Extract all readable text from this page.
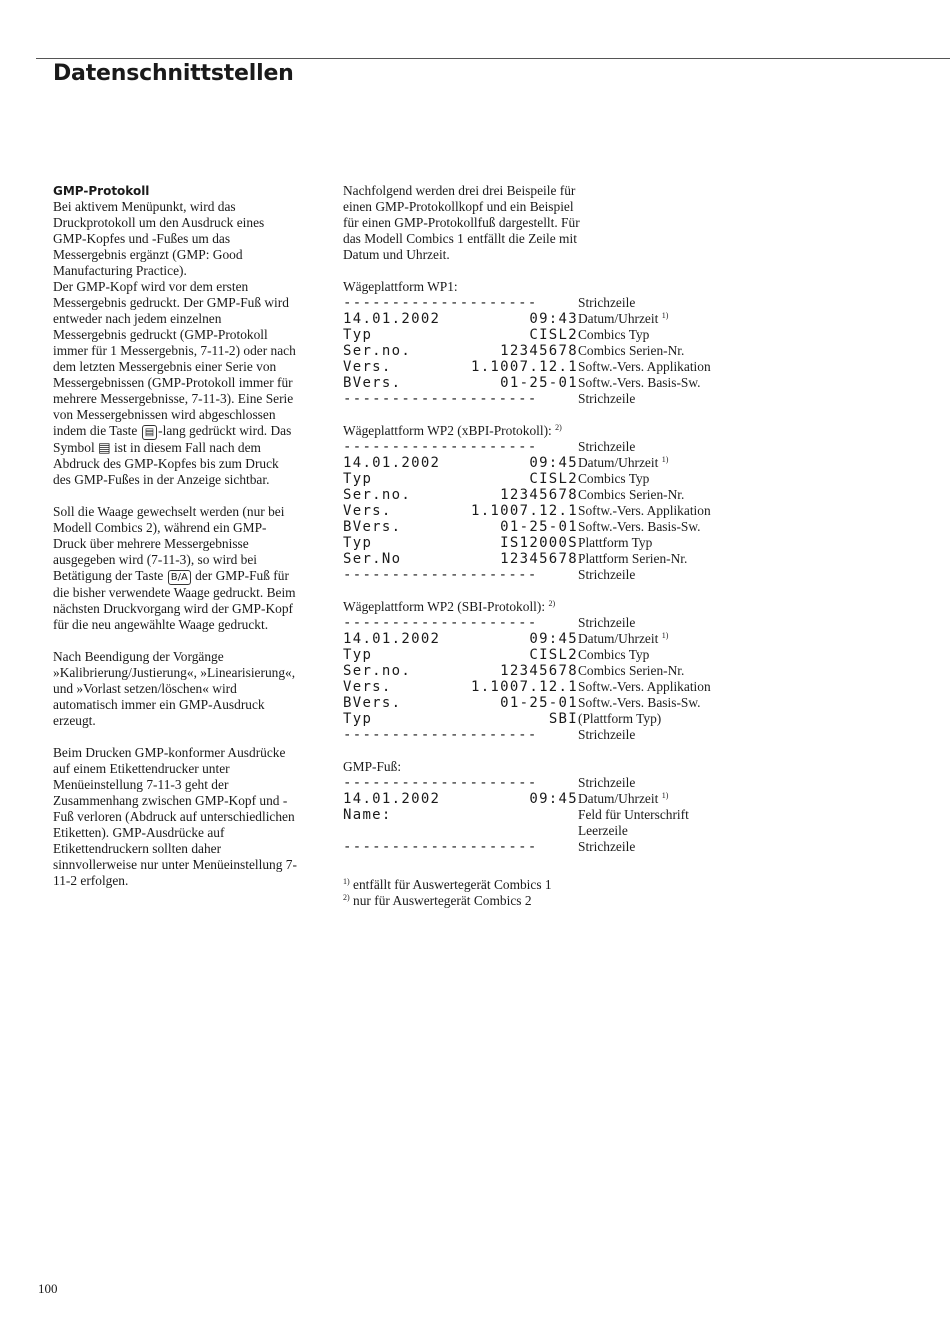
Datenschnittstellen

GMP-Protokoll
Bei aktivem Menüpunkt, wird das Druckprotokoll um den Ausdruck eines GMP-Kopfes und -Fußes um das Messergebnis ergänzt (GMP: Good Manufacturing Practice).
Der GMP-Kopf wird vor dem ersten Messergebnis gedruckt. Der GMP-Fuß wird entweder nach jedem einzelnen Messergebnis gedruckt (GMP-Protokoll immer für 1 Messergebnis, 7-11-2) oder nach dem letzten Messergebnis einer Serie von Messergebnissen (GMP-Protokoll immer für mehrere Messergebnisse, 7-11-3). Eine Serie von Messergebnissen wird abgeschlossen indem die Taste ▤ -lang gedrückt wird. Das Symbol ▤ ist in diesem Fall nach dem Abdruck des GMP-Kopfes bis zum Druck des GMP-Fußes in der Anzeige sichtbar.

Soll die Waage gewechselt werden (nur bei Modell Combics 2), während ein GMP-Druck über mehrere Messergebnisse ausgegeben wird (7-11-3), so wird bei Betätigung der Taste B/A der GMP-Fuß für die bisher verwendete Waage gedruckt. Beim nächsten Druckvorgang wird der GMP-Kopf für die neu angewählte Waage gedruckt.

Nach Beendigung der Vorgänge »Kalibrierung/Justierung«, »Linearisierung«, und »Vorlast setzen/löschen« wird automatisch immer ein GMP-Ausdruck erzeugt.

Beim Drucken GMP-konformer Ausdrücke auf einem Etikettendrucker unter Menüeinstellung 7-11-3 geht der Zusammenhang zwischen GMP-Kopf und -Fuß verloren (Abdruck auf unterschiedlichen Etiketten). GMP-Ausdrücke auf Etikettendruckern sollten daher sinnvollerweise nur unter Menüeinstellung 7-11-2 erfolgen.

Nachfolgend werden drei drei Beispeile für einen GMP-Protokollkopf und ein Beispiel für einen GMP-Protokollfuß dargestellt. Für das Modell Combics 1 entfällt die Zeile mit Datum und Uhrzeit.

Wägeplattform WP1:
--------------------	Strichzeile
14.01.2002	09:43 Datum/Uhrzeit $^{1)}$
Typ	CISL2 Combics Typ
Ser.no.	12345678 Combics Serien-Nr.
Vers.	1.1007.12.1 Softw.-Vers. Applikation
BVers.	01-25-01 Softw.-Vers. Basis-Sw.
--------------------	Strichzeile
Wägeplattform WP2 (xBPI-Protokoll): $^{2)}$
--------------------	Strichzeile
14.01.2002	09:45 Datum/Uhrzeit $^{1)}$
Typ	CISL2 Combics Typ
Ser.no.	12345678 Combics Serien-Nr.
Vers.	1.1007.12.1 Softw.-Vers. Applikation
BVers.	01-25-01 Softw.-Vers. Basis-Sw.
Typ	IS12000S Plattform Typ
Ser.No	12345678 Plattform Serien-Nr.
--------------------	Strichzeile
Wägeplattform WP2 (SBI-Protokoll): $^{2)}$
--------------------	Strichzeile
14.01.2002	09:45 Datum/Uhrzeit $^{1)}$
Typ	CISL2 Combics Typ
Ser.no.	12345678 Combics Serien-Nr.
Vers.	1.1007.12.1 Softw.-Vers. Applikation
BVers.	01-25-01 Softw.-Vers. Basis-Sw.
Typ	SBI (Plattform Typ)
--------------------	Strichzeile
GMP-Fuß:
--------------------	Strichzeile
14.01.2002	09:45 Datum/Uhrzeit $^{1)}$
Name:	Feld für Unterschrift
Leerzeile
--------------------	Strichzeile
$^{1)}$ entfällt für Auswertegerät Combics 1
$^{2)}$ nur für Auswertegerät Combics 2
100
